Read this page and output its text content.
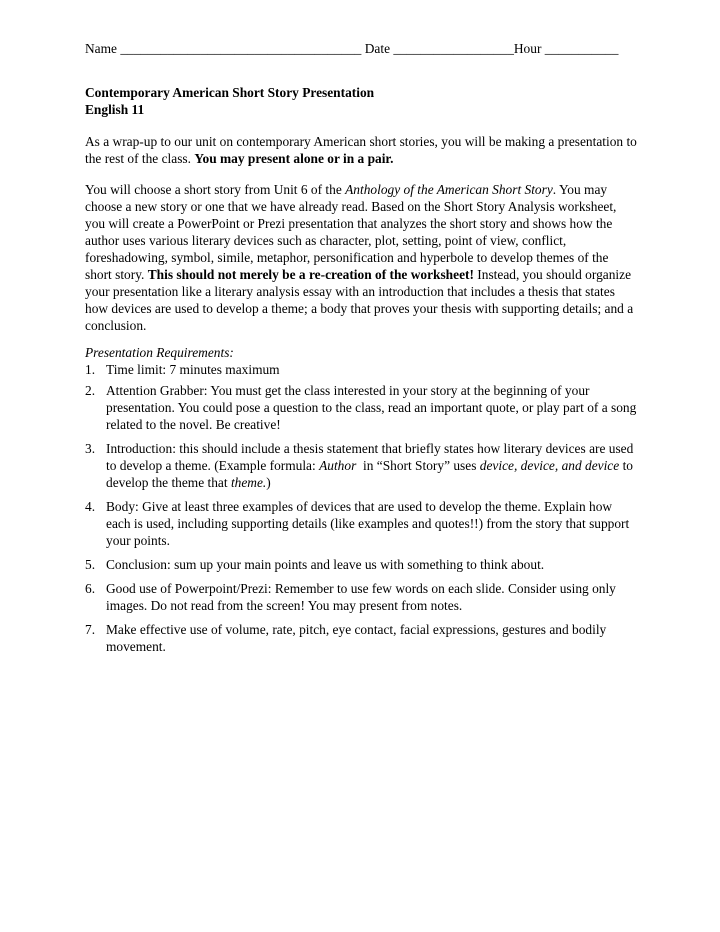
Name ____________________________________ Date __________________Hour ___________
Contemporary American Short Story Presentation
English 11
As a wrap-up to our unit on contemporary American short stories, you will be making a presentation to the rest of the class. You may present alone or in a pair.
You will choose a short story from Unit 6 of the Anthology of the American Short Story. You may choose a new story or one that we have already read. Based on the Short Story Analysis worksheet, you will create a PowerPoint or Prezi presentation that analyzes the short story and shows how the author uses various literary devices such as character, plot, setting, point of view, conflict, foreshadowing, symbol, simile, metaphor, personification and hyperbole to develop themes of the short story. This should not merely be a re-creation of the worksheet! Instead, you should organize your presentation like a literary analysis essay with an introduction that includes a thesis that states how devices are used to develop a theme; a body that proves your thesis with supporting details; and a conclusion.
Presentation Requirements:
1. Time limit: 7 minutes maximum
2. Attention Grabber: You must get the class interested in your story at the beginning of your presentation. You could pose a question to the class, read an important quote, or play part of a song related to the novel. Be creative!
3. Introduction: this should include a thesis statement that briefly states how literary devices are used to develop a theme. (Example formula: Author in “Short Story” uses device, device, and device to develop the theme that theme.)
4. Body: Give at least three examples of devices that are used to develop the theme. Explain how each is used, including supporting details (like examples and quotes!!) from the story that support your points.
5. Conclusion: sum up your main points and leave us with something to think about.
6. Good use of Powerpoint/Prezi: Remember to use few words on each slide. Consider using only images. Do not read from the screen! You may present from notes.
7. Make effective use of volume, rate, pitch, eye contact, facial expressions, gestures and bodily movement.
